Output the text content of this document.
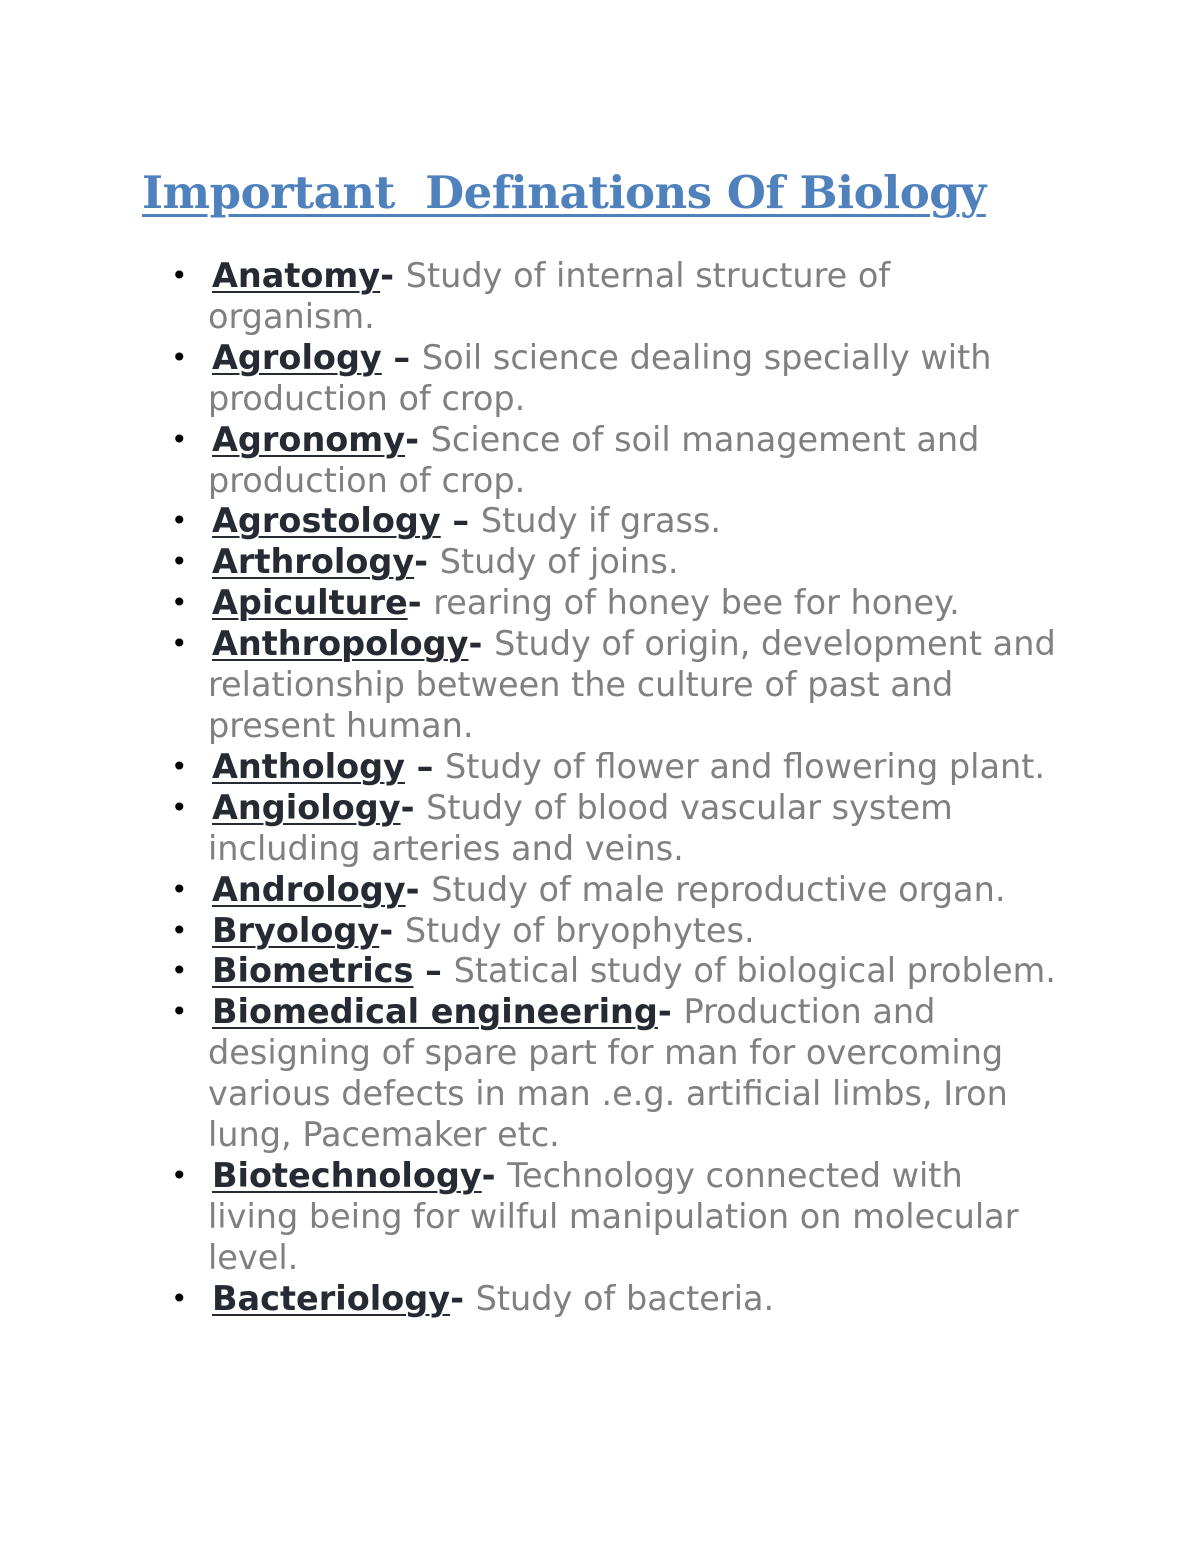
Important  Definations Of Biology
• Anatomy- Study of internal structure of organism.
• Agrology – Soil science dealing specially with production of crop.
• Agronomy- Science of soil management and production of crop.
• Agrostology – Study if grass.
• Arthrology- Study of joins.
• Apiculture- rearing of honey bee for honey.
• Anthropology- Study of origin, development and relationship between the culture of past and present human.
• Anthology – Study of flower and flowering plant.
• Angiology- Study of blood vascular system including arteries and veins.
• Andrology- Study of male reproductive organ.
• Bryology- Study of bryophytes.
• Biometrics – Statical study of biological problem.
• Biomedical engineering- Production and designing of spare part for man for overcoming various defects in man .e.g. artificial limbs, Iron lung, Pacemaker etc.
• Biotechnology- Technology connected with living being for wilful manipulation on molecular level.
• Bacteriology- Study of bacteria.
